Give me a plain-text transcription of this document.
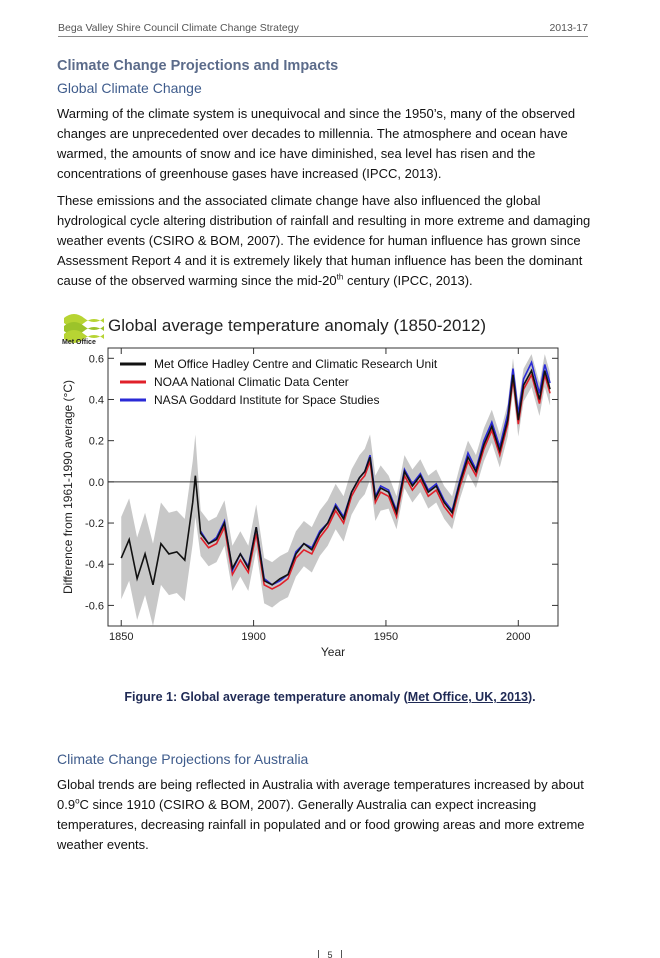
Bega Valley Shire Council Climate Change Strategy	2013-17
Climate Change Projections and Impacts
Global Climate Change

Warming of the climate system is unequivocal and since the 1950’s, many of the observed changes are unprecedented over decades to millennia. The atmosphere and ocean have warmed, the amounts of snow and ice have diminished, sea level has risen and the concentrations of greenhouse gases have increased (IPCC, 2013).

These emissions and the associated climate change have also influenced the global hydrological cycle altering distribution of rainfall and resulting in more extreme and damaging weather events (CSIRO & BOM, 2007). The evidence for human influence has grown since Assessment Report 4 and it is extremely likely that human influence has been the dominant cause of the observed warming since the mid-20th century (IPCC, 2013).

Met Office
Global average temperature anomaly (1850-2012)
0.6
0.4
0.2
0.0
-0.2
-0.4
-0.6
1850	1900	1950	2000
Year
Difference from 1961-1990 average (°C)
Met Office Hadley Centre and Climatic Research Unit
NOAA National Climatic Data Center
NASA Goddard Institute for Space Studies
Figure 1: Global average temperature anomaly (Met Office, UK, 2013).
Climate Change Projections for Australia

Global trends are being reflected in Australia with average temperatures increased by about 0.9$^o$C since 1910 (CSIRO & BOM, 2007). Generally Australia can expect increasing temperatures, decreasing rainfall in populated and or food growing areas and more extreme weather events.

5
